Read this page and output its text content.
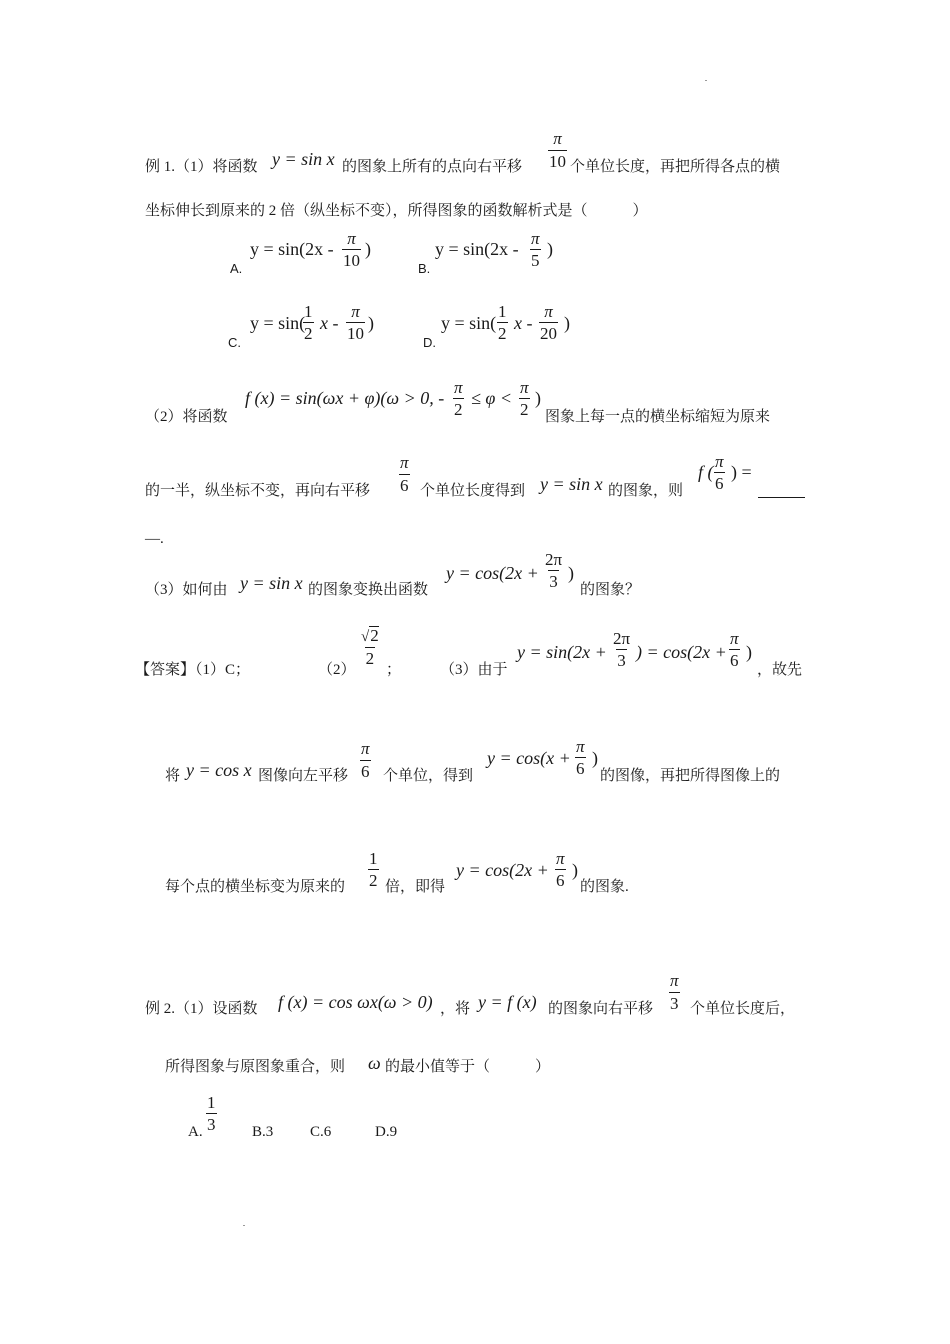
例 1.（1）将函数 y = sin x 的图象上所有的点向右平移
π
10 个单位长度，再把所得各点的横
坐标伸长到原来的 2 倍（纵坐标不变），所得图象的函数解析式是（　　　）
A.
y = sin(2x -
π
10
)
B.
y = sin(2x -
π
5
)
C.
y = sin(
1
2
x -
π
10
)
D.
y = sin(
1
2
x -
π
20
)
（2）将函数
f (x) = sin(ωx + φ)(ω > 0, -
π
2
≤ φ <
π
2
)
图象上每一点的横坐标缩短为原来
的一半，纵坐标不变，再向右平移
π
6 个单位长度得到 y = sin x 的图象，则
f (
π
6
) =
—.
（3）如何由 y = sin x 的图象变换出函数
y = cos(2x +
2π
3 )
的图象？
【答案】（1）C；	（2）
√2
2
；	（3）由于
y = sin(2x +
2π
3 ) = cos(2x +
π
6 )
，故先
将 y = cos x 图像向左平移
π
6 个单位，得到
y = cos(x +
π
6
)
的图像，再把所得图像上的
每个点的横坐标变为原来的
1
2 倍，即得
y = cos(2x +
π
6
)
的图象.
例 2.（1）设函数 f (x) = cos ωx(ω > 0) ，将 y = f (x) 的图象向右平移
π
3 个单位长度后，
所得图象与原图象重合，则 ω 的最小值等于（　　　）
A.
1
3 B.3 C.6	D.9
